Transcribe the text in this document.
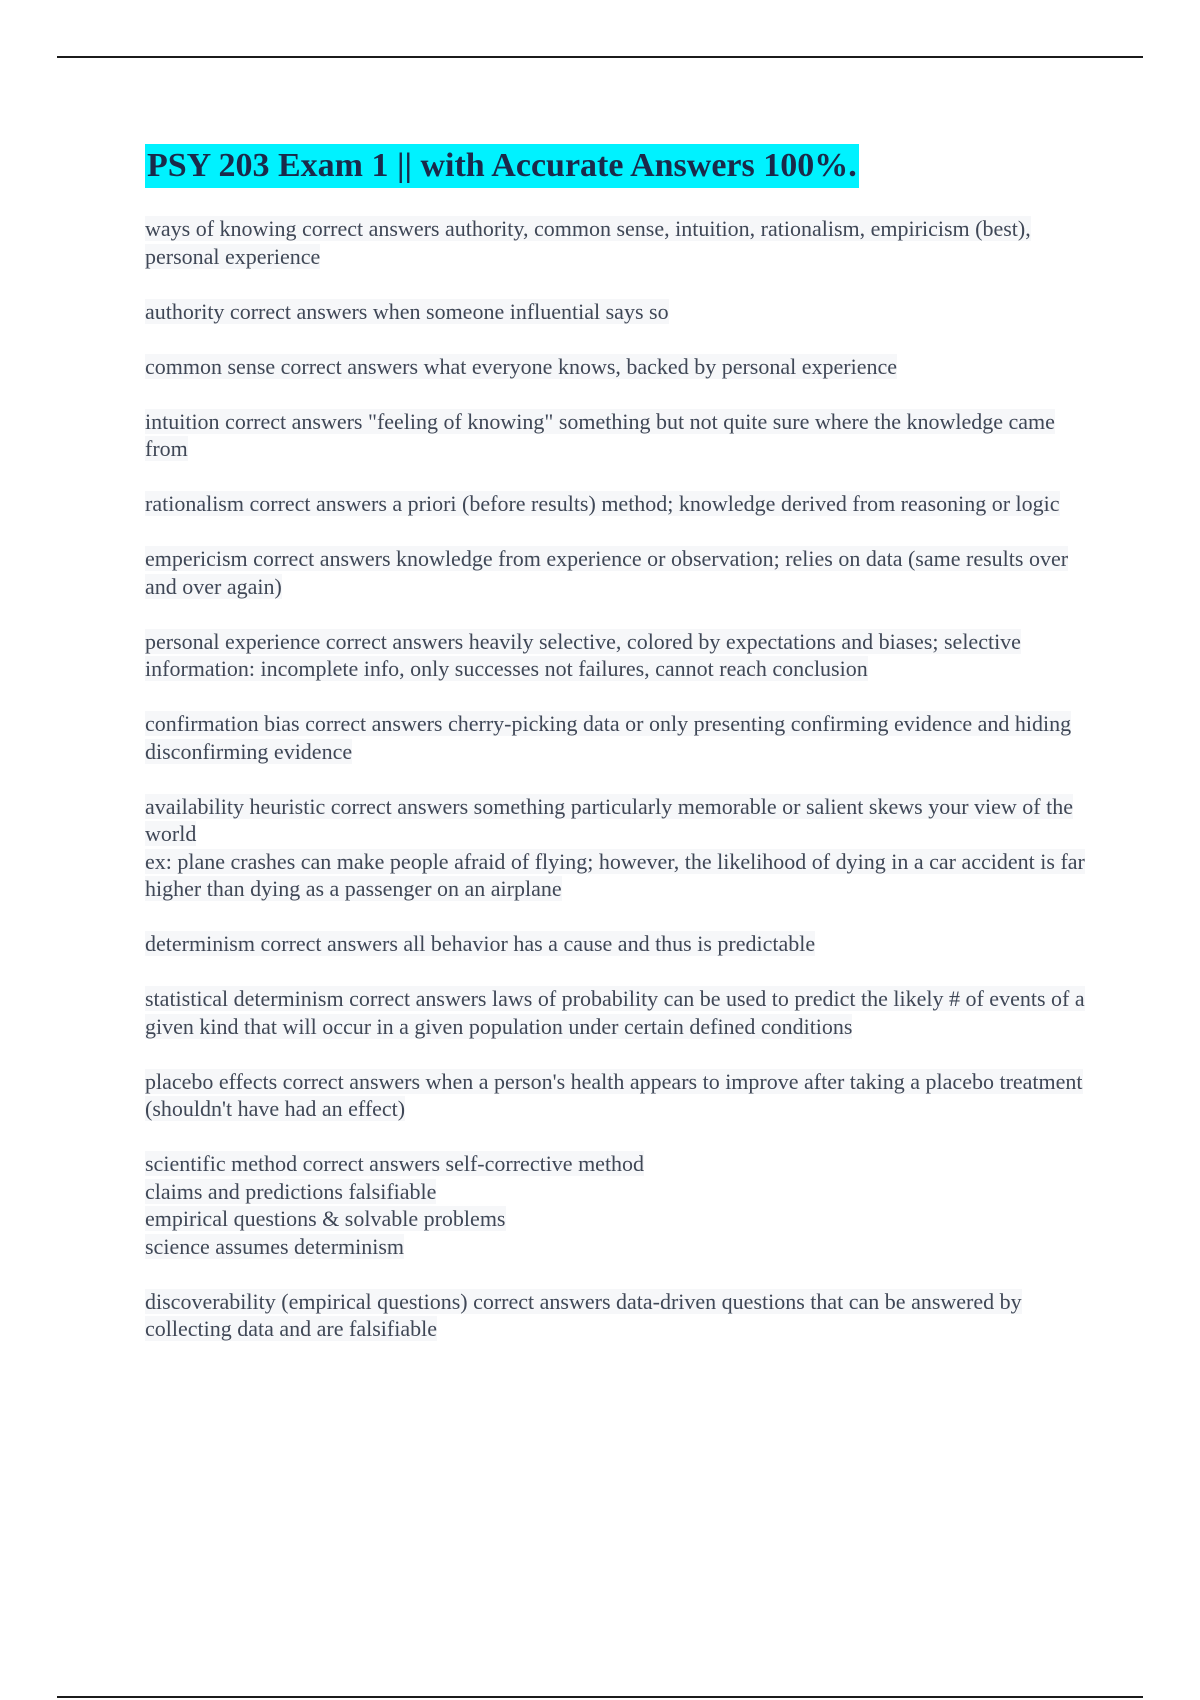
PSY 203 Exam 1 || with Accurate Answers 100%.

ways of knowing correct answers authority, common sense, intuition, rationalism, empiricism (best), personal experience

authority correct answers when someone influential says so

common sense correct answers what everyone knows, backed by personal experience

intuition correct answers "feeling of knowing" something but not quite sure where the knowledge came from

rationalism correct answers a priori (before results) method; knowledge derived from reasoning or logic

empericism correct answers knowledge from experience or observation; relies on data (same results over and over again)

personal experience correct answers heavily selective, colored by expectations and biases; selective information: incomplete info, only successes not failures, cannot reach conclusion

confirmation bias correct answers cherry-picking data or only presenting confirming evidence and hiding disconfirming evidence

availability heuristic correct answers something particularly memorable or salient skews your view of the world
ex: plane crashes can make people afraid of flying; however, the likelihood of dying in a car accident is far higher than dying as a passenger on an airplane

determinism correct answers all behavior has a cause and thus is predictable

statistical determinism correct answers laws of probability can be used to predict the likely # of events of a given kind that will occur in a given population under certain defined conditions

placebo effects correct answers when a person's health appears to improve after taking a placebo treatment (shouldn't have had an effect)

scientific method correct answers self-corrective method
claims and predictions falsifiable
empirical questions & solvable problems
science assumes determinism

discoverability (empirical questions) correct answers data-driven questions that can be answered by collecting data and are falsifiable
